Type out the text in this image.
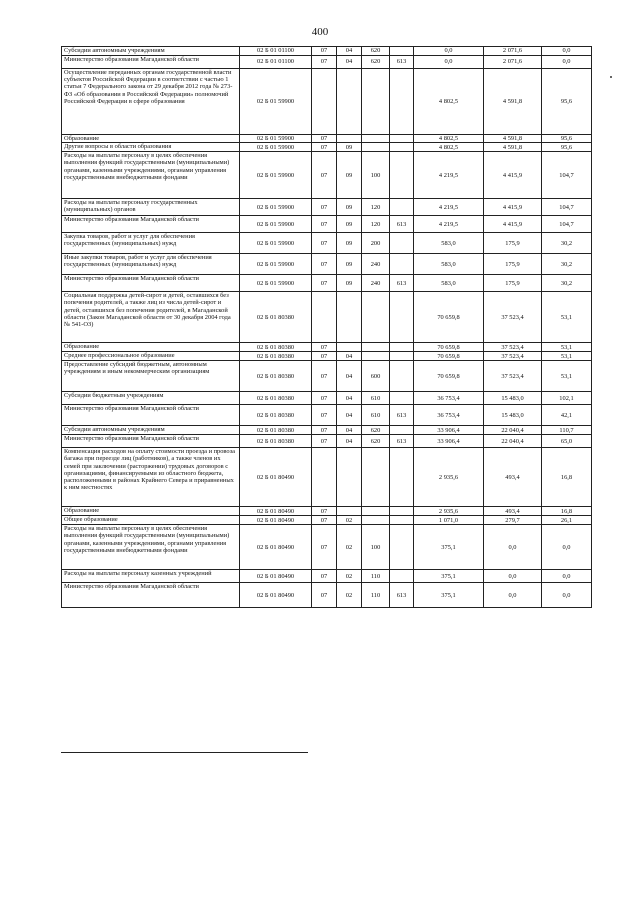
400
Субсидии автономным учреждениям	02 Б 01 01100	07	04	620		0,0	2 071,6	0,0
Министерство образования Магаданской области	02 Б 01 01100	07	04	620	613	0,0	2 071,6	0,0
Осуществление переданных органам государственной власти субъектов Российской Федерации в соответствии с частью 1 статьи 7 Федерального закона от 29 декабря 2012 года № 273-ФЗ «Об образовании в Российской Федерации» полномочий Российской Федерации в сфере образования	02 Б 01 59900					4 802,5	4 591,8	95,6
Образование	02 Б 01 59900	07				4 802,5	4 591,8	95,6
Другие вопросы в области образования	02 Б 01 59900	07	09			4 802,5	4 591,8	95,6
Расходы на выплаты персоналу в целях обеспечения выполнения функций государственными (муниципальными) органами, казенными учреждениями, органами управления государственными внебюджетными фондами	02 Б 01 59900	07	09	100		4 219,5	4 415,9	104,7
Расходы на выплаты персоналу государственных (муниципальных) органов	02 Б 01 59900	07	09	120		4 219,5	4 415,9	104,7
Министерство образования Магаданской области	02 Б 01 59900	07	09	120	613	4 219,5	4 415,9	104,7
Закупка товаров, работ и услуг для обеспечения государственных (муниципальных) нужд	02 Б 01 59900	07	09	200		583,0	175,9	30,2
Иные закупки товаров, работ и услуг для обеспечения государственных (муниципальных) нужд	02 Б 01 59900	07	09	240		583,0	175,9	30,2
Министерство образования Магаданской области	02 Б 01 59900	07	09	240	613	583,0	175,9	30,2
Социальная поддержка детей-сирот и детей, оставшихся без попечения родителей, а также лиц из числа детей-сирот и детей, оставшихся без попечения родителей, в Магаданской области (Закон Магаданской области от 30 декабря 2004 года № 541-ОЗ)	02 Б 01 80380					70 659,8	37 523,4	53,1
Образование	02 Б 01 80380	07				70 659,8	37 523,4	53,1
Среднее профессиональное образование	02 Б 01 80380	07	04			70 659,8	37 523,4	53,1
Предоставление субсидий бюджетным, автономным учреждениям и иным некоммерческим организациям	02 Б 01 80380	07	04	600		70 659,8	37 523,4	53,1
Субсидии бюджетным учреждениям	02 Б 01 80380	07	04	610		36 753,4	15 483,0	102,1
Министерство образования Магаданской области	02 Б 01 80380	07	04	610	613	36 753,4	15 483,0	42,1
Субсидии автономным учреждениям	02 Б 01 80380	07	04	620		33 906,4	22 040,4	110,7
Министерство образования Магаданской области	02 Б 01 80380	07	04	620	613	33 906,4	22 040,4	65,0
Компенсация расходов на оплату стоимости проезда и провоза багажа при переезде лиц (работников), а также членов их семей при заключении (расторжении) трудовых договоров с организациями, финансируемыми из областного бюджета, расположенными в районах Крайнего Севера и приравненных к ним местностях	02 Б 01 80490					2 935,6	493,4	16,8
Образование	02 Б 01 80490	07				2 935,6	493,4	16,8
Общее образование	02 Б 01 80490	07	02			1 071,0	279,7	26,1
Расходы на выплаты персоналу в целях обеспечения выполнения функций государственными (муниципальными) органами, казенными учреждениями, органами управления государственными внебюджетными фондами	02 Б 01 80490	07	02	100		375,1	0,0	0,0
Расходы на выплаты персоналу казенных учреждений	02 Б 01 80490	07	02	110		375,1	0,0	0,0
Министерство образования Магаданской области	02 Б 01 80490	07	02	110	613	375,1	0,0	0,0
